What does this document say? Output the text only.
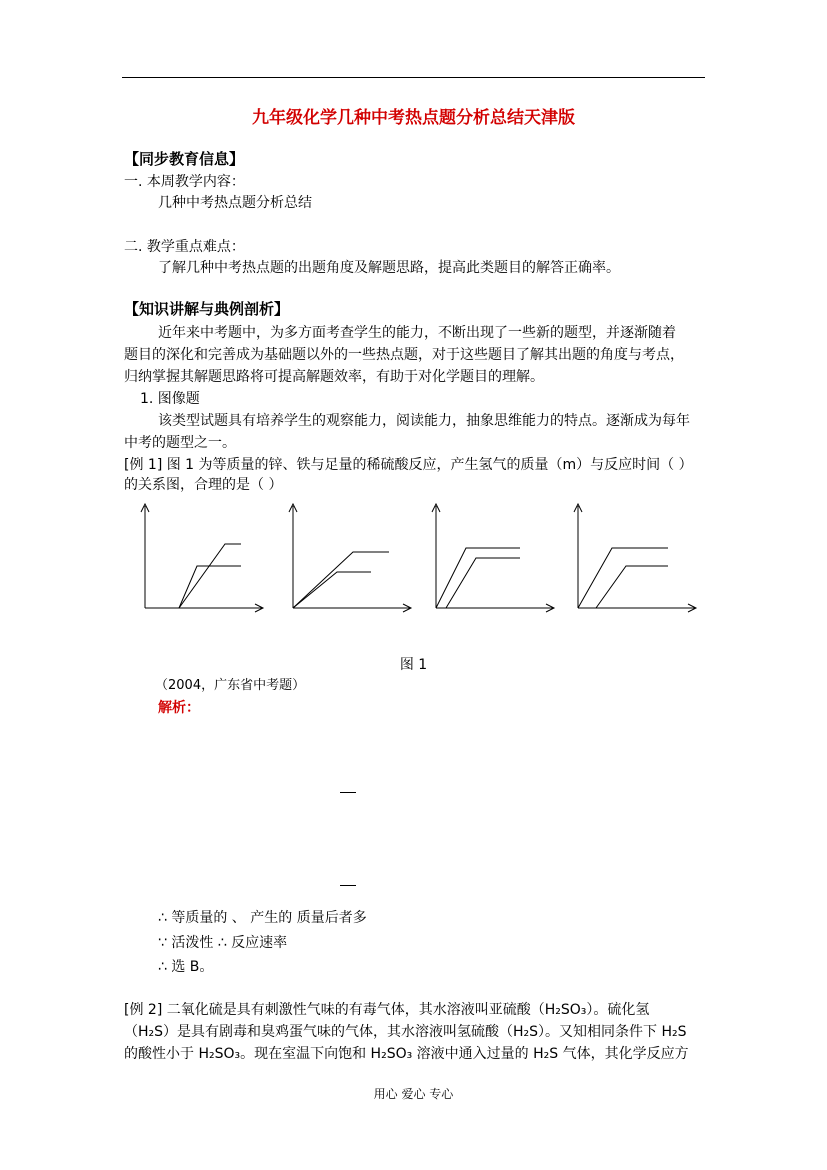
九年级化学几种中考热点题分析总结天津版
【同步教育信息】
一. 本周教学内容：
几种中考热点题分析总结
二. 教学重点难点：
了解几种中考热点题的出题角度及解题思路，提高此类题目的解答正确率。
【知识讲解与典例剖析】
近年来中考题中，为多方面考查学生的能力，不断出现了一些新的题型，并逐渐随着
题目的深化和完善成为基础题以外的一些热点题，对于这些题目了解其出题的角度与考点，
归纳掌握其解题思路将可提高解题效率，有助于对化学题目的理解。
1. 图像题
该类型试题具有培养学生的观察能力，阅读能力，抽象思维能力的特点。逐渐成为每年
中考的题型之一。
[例 1] 图 1 为等质量的锌、铁与足量的稀硫酸反应，产生氢气的质量（m）与反应时间（ ）
的关系图，合理的是（ ）
图 1
（2004，广东省中考题）
解析：
∴ 等质量的 、 产生的 质量后者多
∵ 活泼性 ∴ 反应速率
∴ 选 B。
[例 2] 二氧化硫是具有刺激性气味的有毒气体，其水溶液叫亚硫酸（H₂SO₃）。硫化氢
（H₂S）是具有剧毒和臭鸡蛋气味的气体，其水溶液叫氢硫酸（H₂S）。又知相同条件下 H₂S
的酸性小于 H₂SO₃。现在室温下向饱和 H₂SO₃ 溶液中通入过量的 H₂S 气体，其化学反应方
用心 爱心 专心
